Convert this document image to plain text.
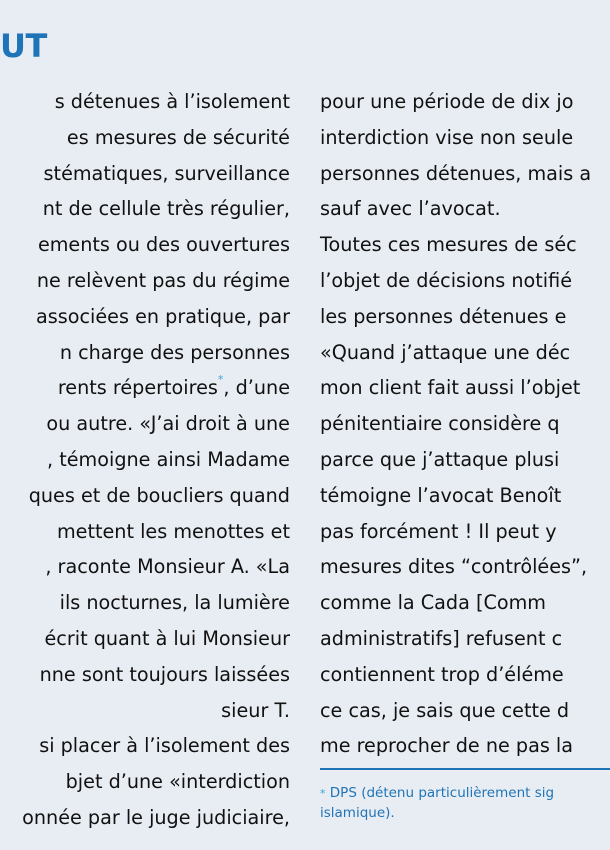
UT
s détenues à l’isolement
es mesures de sécurité
stématiques, surveillance
nt de cellule très régulier,
ements ou des ouvertures
ne relèvent pas du régime
associées en pratique, par
n charge des personnes
rents répertoires*, d’une
ou autre. «J’ai droit à une
, témoigne ainsi Madame
ques et de boucliers quand
mettent les menottes et
, raconte Monsieur A. «La
ils nocturnes, la lumière
écrit quant à lui Monsieur
nne sont toujours laissées
sieur T.
si placer à l’isolement des
bjet d’une «interdiction
onnée par le juge judiciaire,
pour une période de dix jo
interdiction vise non seule
personnes détenues, mais a
sauf avec l’avocat.
Toutes ces mesures de séc
l’objet de décisions notifié
les personnes détenues e
«Quand j’attaque une déc
mon client fait aussi l’objet
pénitentiaire considère q
parce que j’attaque plusi
témoigne l’avocat Benoît
pas forcément ! Il peut y
mesures dites “contrôlées”,
comme la Cada [Comm
administratifs] refusent c
contiennent trop d’éléme
ce cas, je sais que cette d
me reprocher de ne pas la
* DPS (détenu particulièrement sig
islamique).
